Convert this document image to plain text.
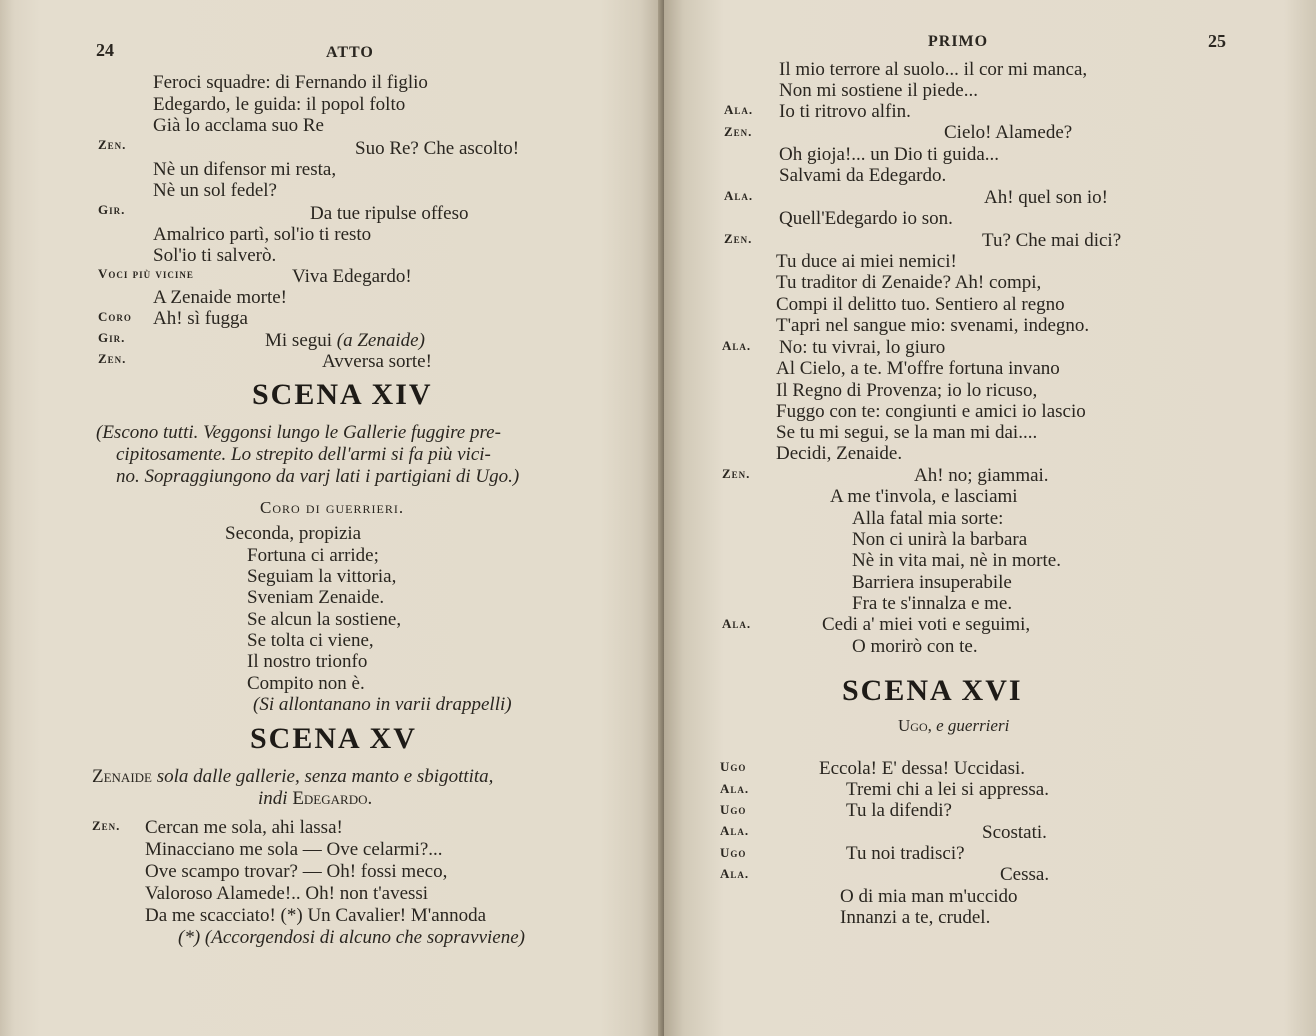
24	ATTO
Feroci squadre: di Fernando il figlio
Edegardo, le guida: il popol folto
Già lo acclama suo Re
Zen.	Suo Re? Che ascolto!
Nè un difensor mi resta,
Nè un sol fedel?
Gir.	Da tue ripulse offeso
Amalrico partì, sol'io ti resto
Sol'io ti salverò.
Voci più vicine	Viva Edegardo!
A Zenaide morte!
Coro Ah! sì fugga
Gir.	Mi segui (a Zenaide)
Zen.	Avversa sorte!
SCENA XIV
(Escono tutti. Veggonsi lungo le Gallerie fuggire pre-
cipitosamente. Lo strepito dell'armi si fa più vici-
no. Sopraggiungono da varj lati i partigiani di Ugo.)
Coro di guerrieri.
Seconda, propizia
Fortuna ci arride;
Seguiam la vittoria,
Sveniam Zenaide.
Se alcun la sostiene,
Se tolta ci viene,
Il nostro trionfo
Compito non è.
(Si allontanano in varii drappelli)
SCENA XV
Zenaide sola dalle gallerie, senza manto e sbigottita,
indi Edegardo.
Zen. Cercan me sola, ahi lassa!
Minacciano me sola — Ove celarmi?...
Ove scampo trovar? — Oh! fossi meco,
Valoroso Alamede!.. Oh! non t'avessi
Da me scacciato! (*) Un Cavalier! M'annoda
(*) (Accorgendosi di alcuno che sopravviene)
PRIMO	25
Il mio terrore al suolo... il cor mi manca,
Non mi sostiene il piede...
Ala. Io ti ritrovo alfin.
Zen.	Cielo! Alamede?
Oh gioja!... un Dio ti guida...
Salvami da Edegardo.
Ala.	Ah! quel son io!
Quell'Edegardo io son.
Zen.	Tu? Che mai dici?
Tu duce ai miei nemici!
Tu traditor di Zenaide? Ah! compi,
Compi il delitto tuo. Sentiero al regno
T'apri nel sangue mio: svenami, indegno.
Ala. No: tu vivrai, lo giuro
Al Cielo, a te. M'offre fortuna invano
Il Regno di Provenza; io lo ricuso,
Fuggo con te: congiunti e amici io lascio
Se tu mi segui, se la man mi dai....
Decidi, Zenaide.
Zen.	Ah! no; giammai.
A me t'invola, e lasciami
Alla fatal mia sorte:
Non ci unirà la barbara
Nè in vita mai, nè in morte.
Barriera insuperabile
Fra te s'innalza e me.
Ala.	Cedi a' miei voti e seguimi,
O morirò con te.
SCENA XVI
Ugo, e guerrieri
Ugo	Eccola! E' dessa! Uccidasi.
Ala.	Tremi chi a lei si appressa.
Ugo	Tu la difendi?
Ala.	Scostati.
Ugo	Tu noi tradisci?
Ala.	Cessa.
O di mia man m'uccido
Innanzi a te, crudel.
